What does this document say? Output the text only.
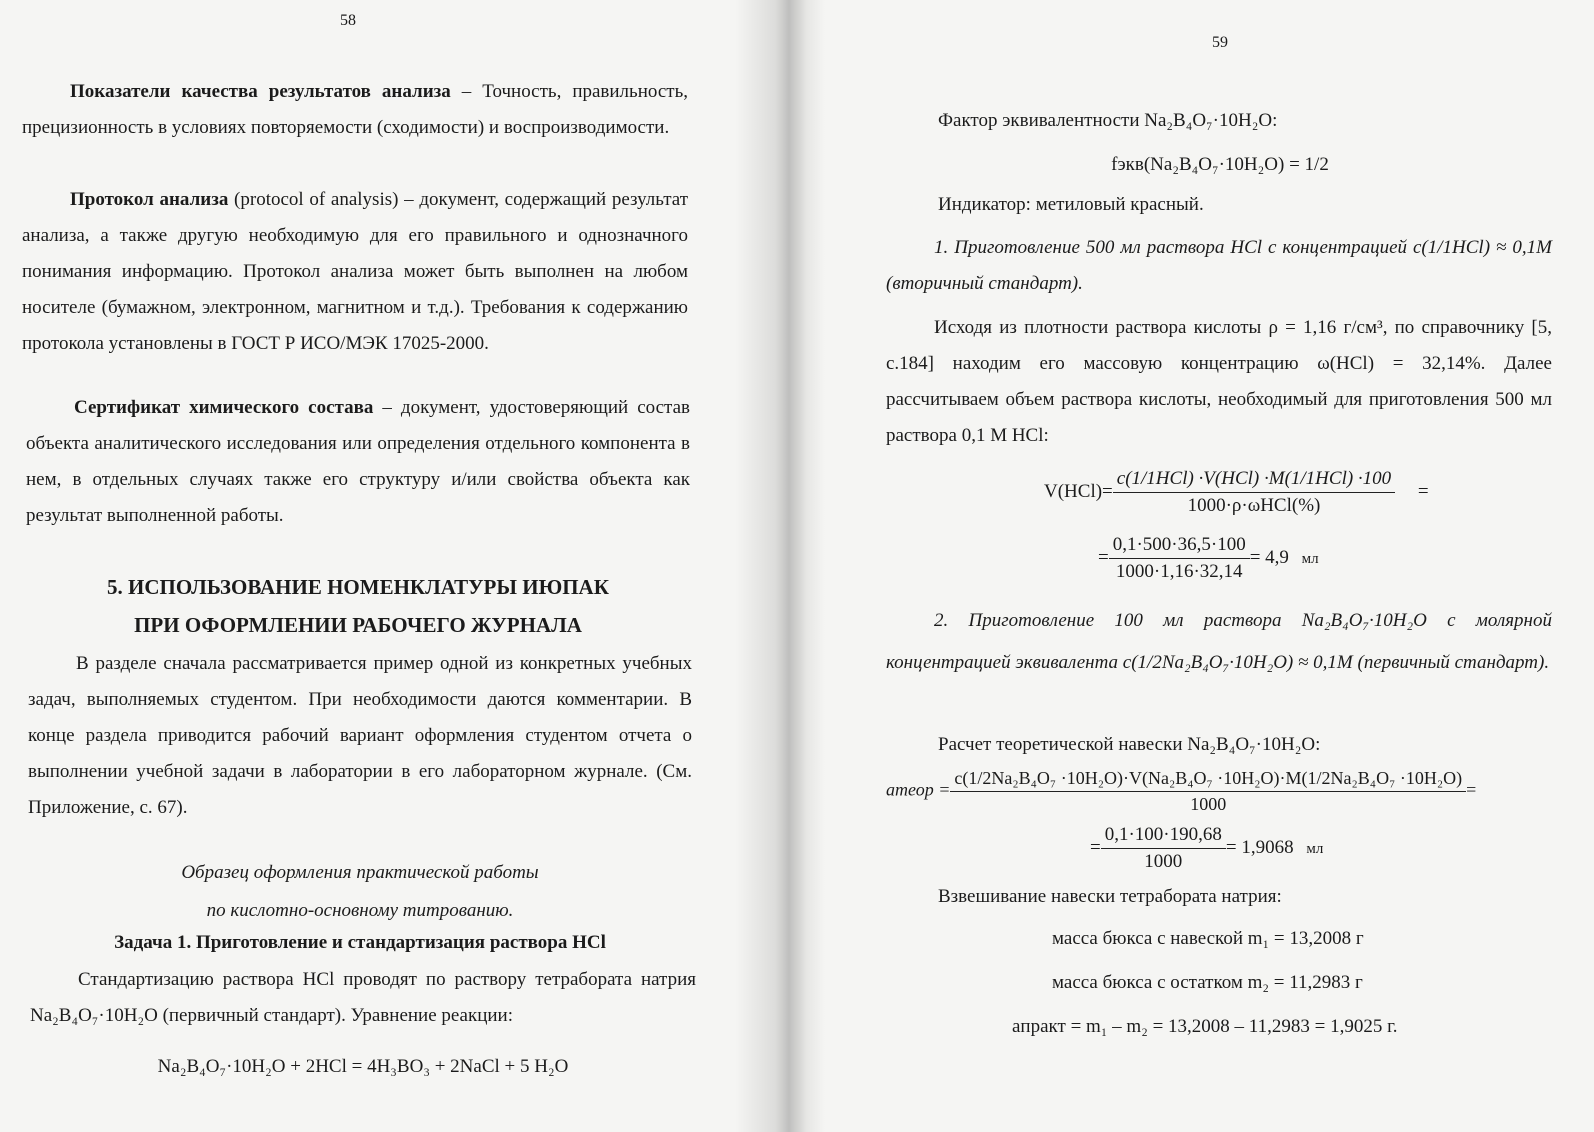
58

Показатели качества результатов анализа – Точность, правильность, прецизионность в условиях повторяемости (сходимости) и воспроизводимости.

Протокол анализа (protocol of analysis) – документ, содержащий результат анализа, а также другую необходимую для его правильного и однозначного понимания информацию. Протокол анализа может быть выполнен на любом носителе (бумажном, электронном, магнитном и т.д.). Требования к содержанию протокола установлены в ГОСТ Р ИСО/МЭК 17025-2000.

Сертификат химического состава – документ, удостоверяющий состав объекта аналитического исследования или определения отдельного компонента в нем, в отдельных случаях также его структуру и/или свойства объекта как результат выполненной работы.

5. ИСПОЛЬЗОВАНИЕ НОМЕНКЛАТУРЫ ИЮПАК
ПРИ ОФОРМЛЕНИИ РАБОЧЕГО ЖУРНАЛА

В разделе сначала рассматривается пример одной из конкретных учебных задач, выполняемых студентом. При необходимости даются комментарии. В конце раздела приводится рабочий вариант оформления студентом отчета о выполнении учебной задачи в лаборатории в его лабораторном журнале. (См. Приложение, с. 67).

Образец оформления практической работы
по кислотно-основному титрованию.
Задача 1. Приготовление и стандартизация раствора HCl

Стандартизацию раствора HCl проводят по раствору тетрабората натрия Na₂B₄O₇·10H₂O (первичный стандарт). Уравнение реакции:

Na₂B₄O₇·10H₂O + 2HCl = 4H₃BO₃ + 2NaCl + 5 H₂O
59
Фактор эквивалентности Na₂B₄O₇·10H₂O:
fэкв(Na₂B₄O₇·10H₂O) = 1/2
Индикатор: метиловый красный.

1. Приготовление 500 мл раствора HCl с концентрацией c(1/1HCl) ≈ 0,1M (вторичный стандарт).

Исходя из плотности раствора кислоты ρ = 1,16 г/см³, по справочнику [5, с.184] находим его массовую концентрацию ω(HCl) = 32,14%. Далее рассчитываем объем раствора кислоты, необходимый для приготовления 500 мл раствора 0,1 M HCl:

$V(HCl)= \frac{\text{c(1/1HCl) ·V(HCl) ·M(1/1HCl) ·100}}{\text{1000·ρ·ωHCl(\%)}}$ =
= $\frac{0,1\cdot 500\cdot 36,5\cdot 100}{1000\cdot 1,16\cdot 32,14} = 4,9$ мл

2. Приготовление 100 мл раствора Na₂B₄O₇·10H₂O с молярной концентрацией эквивалента c(1/2Na₂B₄O₇·10H₂O) ≈ 0,1M (первичный стандарт).

Расчет теоретической навески Na₂B₄O₇·10H₂O:
aтеор = $\frac{\text{c(1/2Na₂B₄O₇ ·10H₂O)·V(Na₂B₄O₇ ·10H₂O)·M(1/2Na₂B₄O₇ ·10H₂O)}}{1000}$ =
= $\frac{0,1\cdot 100\cdot 190,68}{1000} = 1,9068$ мл
Взвешивание навески тетрабората натрия:
масса бюкса с навеской m₁ = 13,2008 г
масса бюкса с остатком m₂ = 11,2983 г
aпракт = m₁ – m₂ = 13,2008 – 11,2983 = 1,9025 г.
